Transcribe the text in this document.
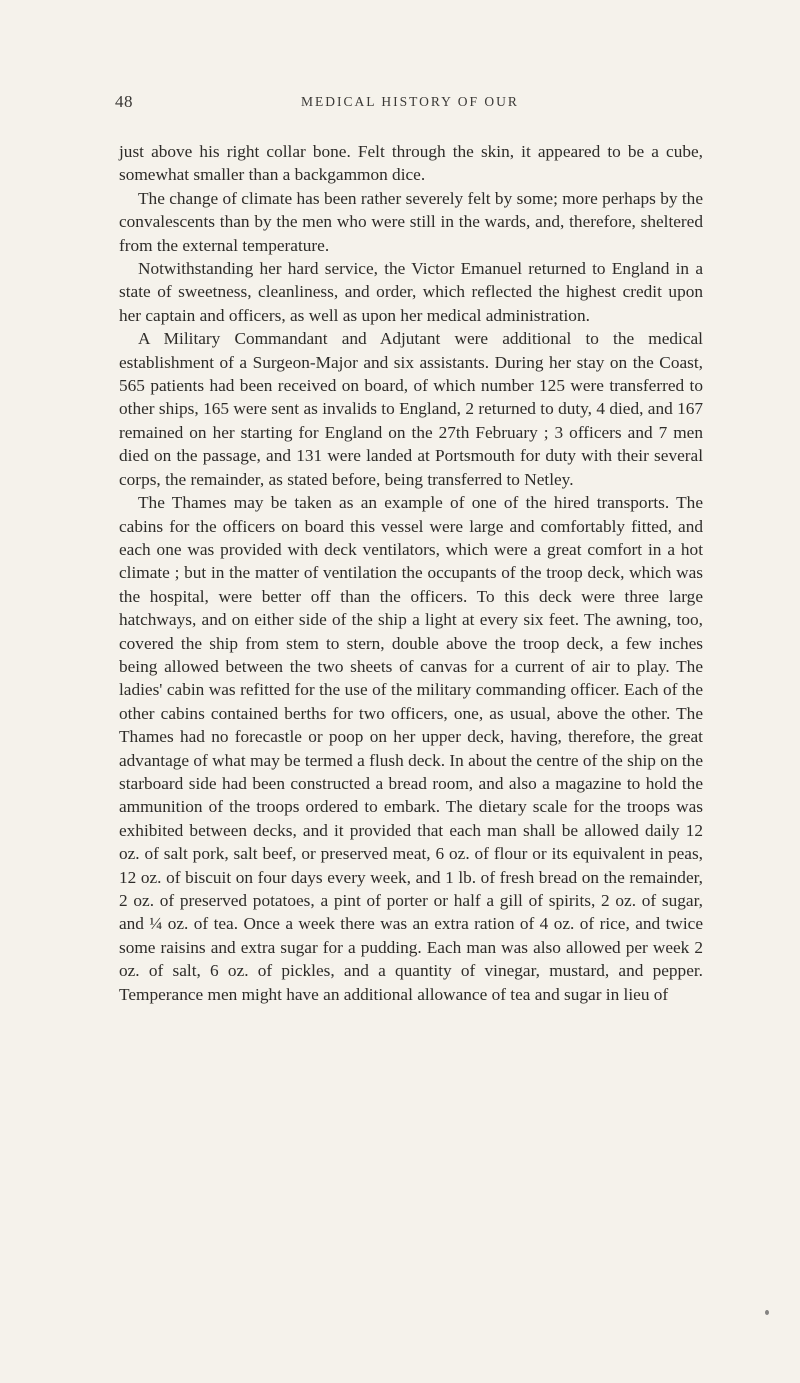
48	MEDICAL HISTORY OF OUR

just above his right collar bone. Felt through the skin, it appeared to be a cube, somewhat smaller than a backgammon dice.

The change of climate has been rather severely felt by some; more perhaps by the convalescents than by the men who were still in the wards, and, therefore, sheltered from the external temperature.

Notwithstanding her hard service, the Victor Emanuel returned to England in a state of sweetness, cleanliness, and order, which reflected the highest credit upon her captain and officers, as well as upon her medical administration.

A Military Commandant and Adjutant were additional to the medical establishment of a Surgeon-Major and six assistants. During her stay on the Coast, 565 patients had been received on board, of which number 125 were transferred to other ships, 165 were sent as invalids to England, 2 returned to duty, 4 died, and 167 remained on her starting for England on the 27th February ; 3 officers and 7 men died on the passage, and 131 were landed at Portsmouth for duty with their several corps, the remainder, as stated before, being transferred to Netley.

The Thames may be taken as an example of one of the hired transports. The cabins for the officers on board this vessel were large and comfortably fitted, and each one was provided with deck ventilators, which were a great comfort in a hot climate ; but in the matter of ventilation the occupants of the troop deck, which was the hospital, were better off than the officers. To this deck were three large hatchways, and on either side of the ship a light at every six feet. The awning, too, covered the ship from stem to stern, double above the troop deck, a few inches being allowed between the two sheets of canvas for a current of air to play. The ladies' cabin was refitted for the use of the military commanding officer. Each of the other cabins contained berths for two officers, one, as usual, above the other. The Thames had no forecastle or poop on her upper deck, having, therefore, the great advantage of what may be termed a flush deck. In about the centre of the ship on the starboard side had been constructed a bread room, and also a magazine to hold the ammunition of the troops ordered to embark. The dietary scale for the troops was exhibited between decks, and it provided that each man shall be allowed daily 12 oz. of salt pork, salt beef, or preserved meat, 6 oz. of flour or its equivalent in peas, 12 oz. of biscuit on four days every week, and 1 lb. of fresh bread on the remainder, 2 oz. of preserved potatoes, a pint of porter or half a gill of spirits, 2 oz. of sugar, and ¼ oz. of tea. Once a week there was an extra ration of 4 oz. of rice, and twice some raisins and extra sugar for a pudding. Each man was also allowed per week 2 oz. of salt, 6 oz. of pickles, and a quantity of vinegar, mustard, and pepper. Temperance men might have an additional allowance of tea and sugar in lieu of
